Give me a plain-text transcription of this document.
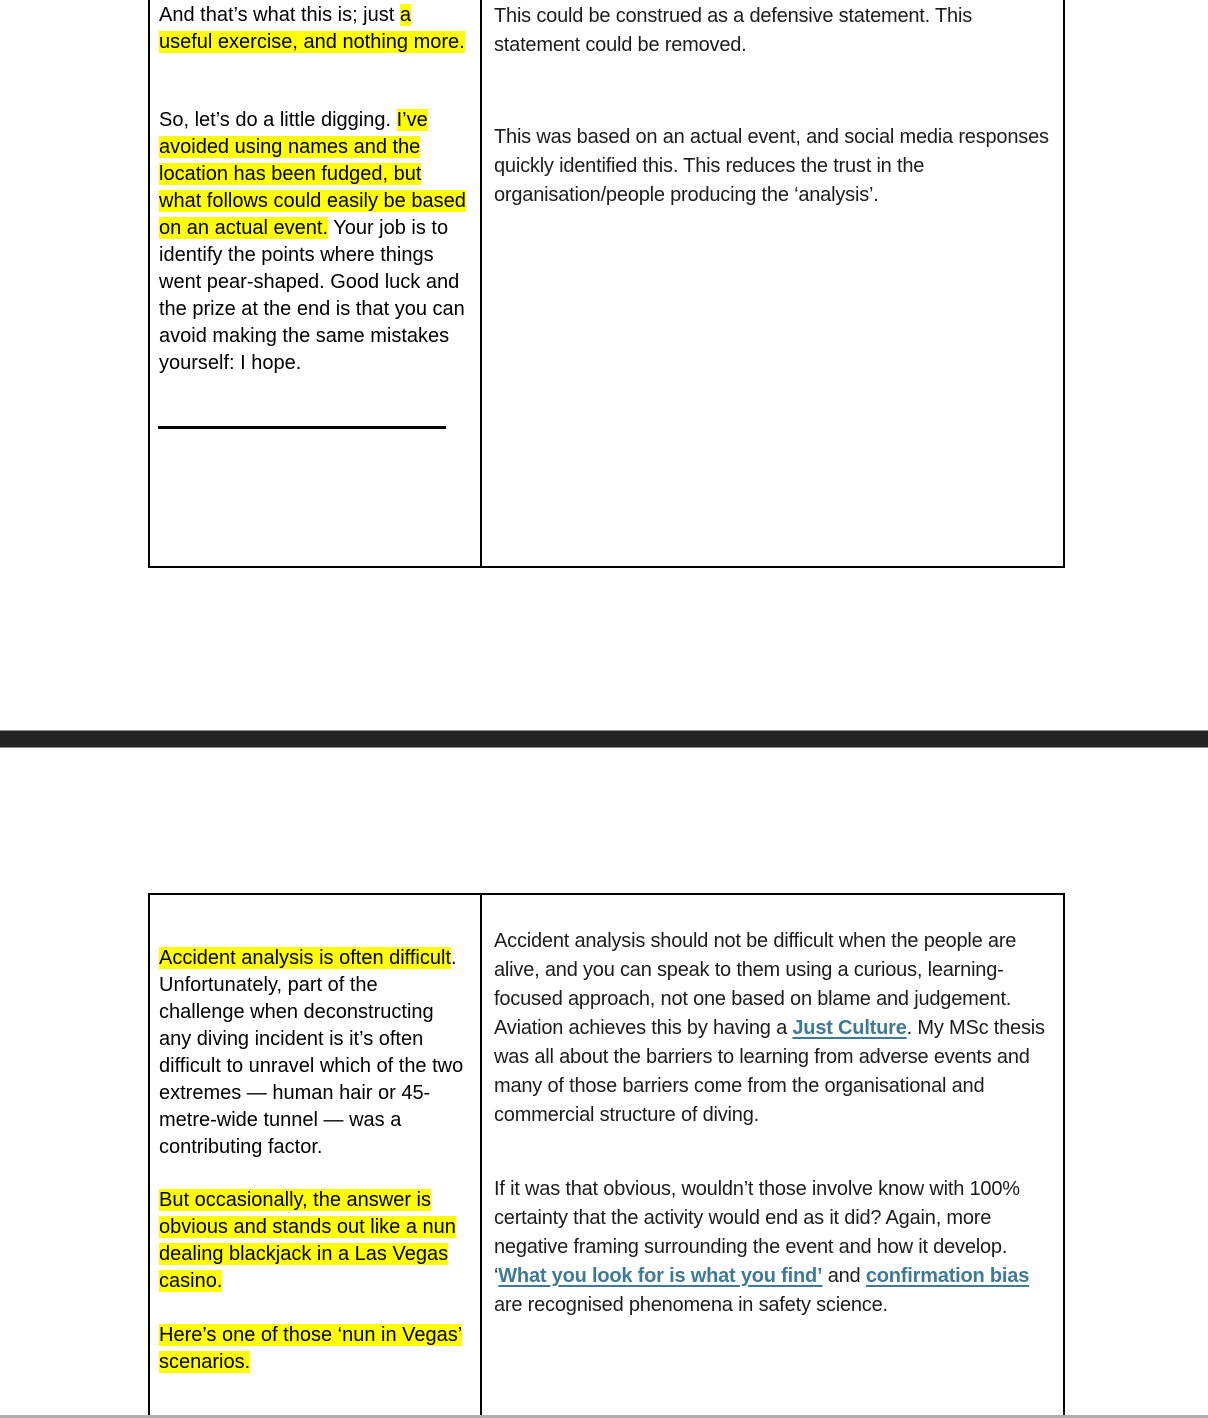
And that’s what this is; just a useful exercise, and nothing more.

So, let’s do a little digging. I’ve avoided using names and the location has been fudged, but what follows could easily be based on an actual event. Your job is to identify the points where things went pear-shaped. Good luck and the prize at the end is that you can avoid making the same mistakes yourself: I hope.

This could be construed as a defensive statement. This statement could be removed.

This was based on an actual event, and social media responses quickly identified this. This reduces the trust in the organisation/people producing the ‘analysis’.

Accident analysis is often difficult. Unfortunately, part of the challenge when deconstructing any diving incident is it’s often difficult to unravel which of the two extremes — human hair or 45-metre-wide tunnel — was a contributing factor.

But occasionally, the answer is obvious and stands out like a nun dealing blackjack in a Las Vegas casino.

Here’s one of those ‘nun in Vegas’ scenarios.

Accident analysis should not be difficult when the people are alive, and you can speak to them using a curious, learning-focused approach, not one based on blame and judgement. Aviation achieves this by having a Just Culture. My MSc thesis was all about the barriers to learning from adverse events and many of those barriers come from the organisational and commercial structure of diving.

If it was that obvious, wouldn’t those involve know with 100% certainty that the activity would end as it did? Again, more negative framing surrounding the event and how it develop. ‘What you look for is what you find’ and confirmation bias are recognised phenomena in safety science.
